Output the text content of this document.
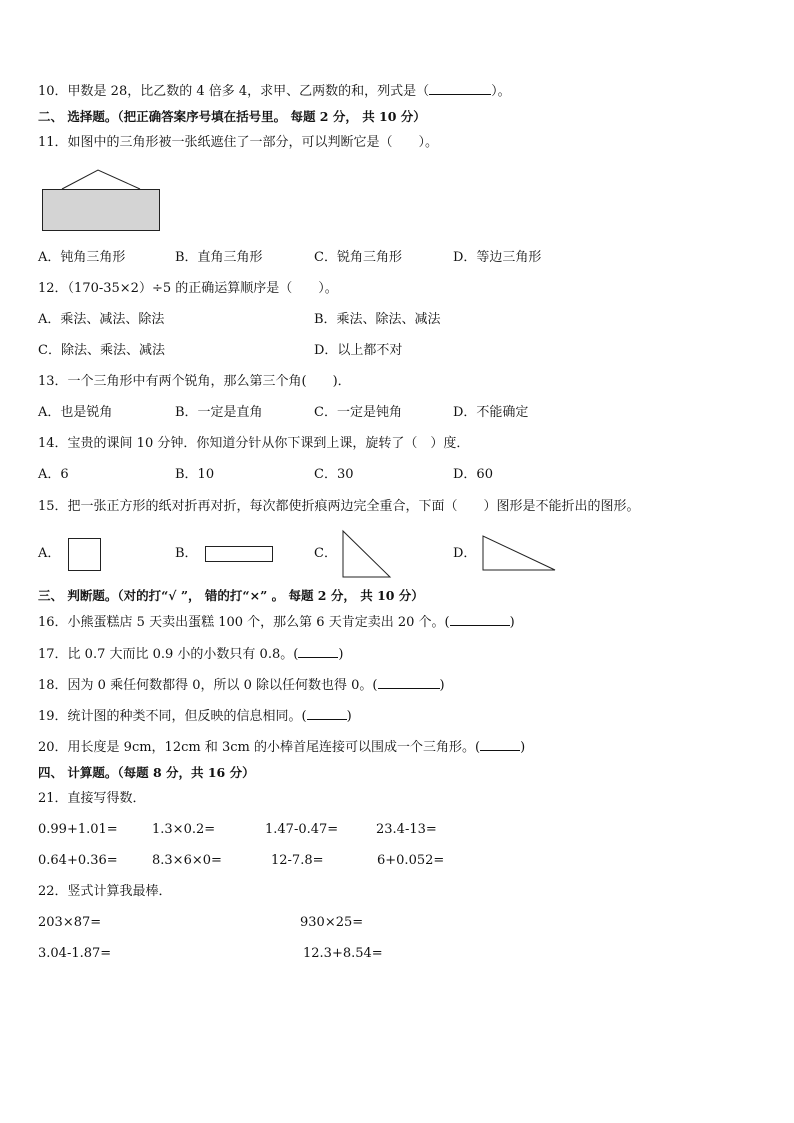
10．甲数是 28，比乙数的 4 倍多 4，求甲、乙两数的和，列式是（	）。
二、 选择题。（把正确答案序号填在括号里。 每题 2 分， 共 10 分）
11．如图中的三角形被一张纸遮住了一部分，可以判断它是（　　）。
A．钝角三角形	B．直角三角形	C．锐角三角形	D．等边三角形
12．（170-35×2）÷5 的正确运算顺序是（　　）。
A．乘法、减法、除法	B．乘法、除法、减法
C．除法、乘法、减法	D．以上都不对
13．一个三角形中有两个锐角，那么第三个角(　　)．
A．也是锐角	B．一定是直角	C．一定是钝角	D．不能确定
14．宝贵的课间 10 分钟．你知道分针从你下课到上课，旋转了（　）度．
A．6	B．10	C．30	D．60
15．把一张正方形的纸对折再对折，每次都使折痕两边完全重合，下面（　　）图形是不能折出的图形。
A．	B．	C．	D．
三、 判断题。（对的打“√ ”， 错的打“×” 。 每题 2 分， 共 10 分）
16．小熊蛋糕店 5 天卖出蛋糕 100 个，那么第 6 天肯定卖出 20 个。(	)
17．比 0.7 大而比 0.9 小的小数只有 0.8。(	)
18．因为 0 乘任何数都得 0，所以 0 除以任何数也得 0。(	)
19．统计图的种类不同，但反映的信息相同。(	)
20．用长度是 9cm，12cm 和 3cm 的小棒首尾连接可以围成一个三角形。(	)
四、 计算题。（每题 8 分，共 16 分）
21．直接写得数．
0.99+1.01=	1.3×0.2=	1.47-0.47=	23.4-13=
0.64+0.36=	8.3×6×0=	12-7.8=	6+0.052=
22．竖式计算我最棒．
203×87=	930×25=
3.04-1.87=	12.3+8.54=
